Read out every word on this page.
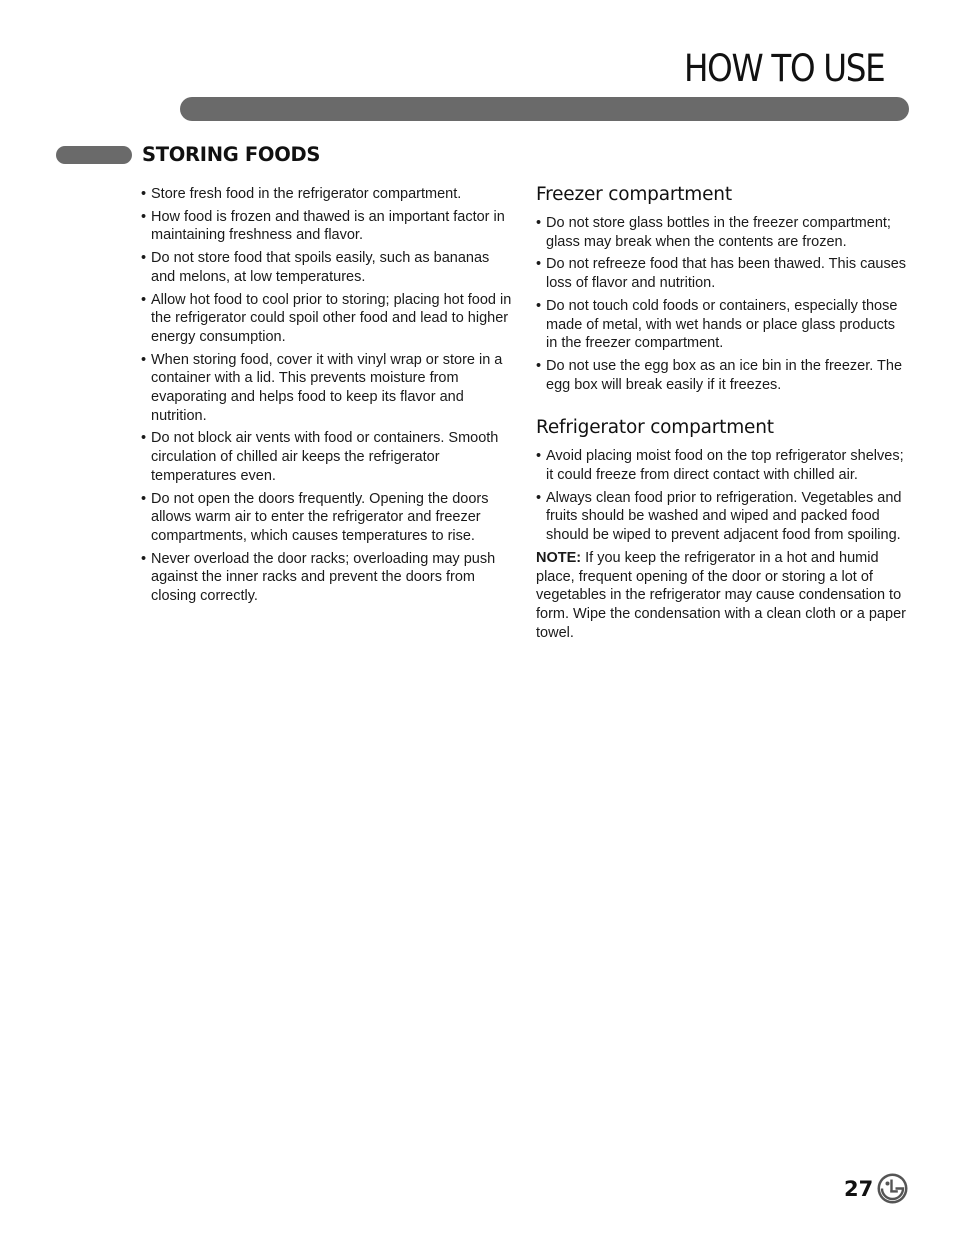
HOW TO USE
STORING FOODS
• Store fresh food in the refrigerator compartment.
• How food is frozen and thawed is an important factor in maintaining freshness and flavor.
• Do not store food that spoils easily, such as bananas and melons, at low temperatures.
• Allow hot food to cool prior to storing; placing hot food in the refrigerator could spoil other food and lead to higher energy consumption.
• When storing food, cover it with vinyl wrap or store in a container with a lid. This prevents moisture from evaporating and helps food to keep its flavor and nutrition.
• Do not block air vents with food or containers. Smooth circulation of chilled air keeps the refrigerator temperatures even.
• Do not open the doors frequently. Opening the doors allows warm air to enter the refrigerator and freezer compartments, which causes temperatures to rise.
• Never overload the door racks; overloading may push against the inner racks and prevent the doors from closing correctly.
Freezer compartment
• Do not store glass bottles in the freezer compartment; glass may break when the contents are frozen.
• Do not refreeze food that has been thawed. This causes loss of flavor and nutrition.
• Do not touch cold foods or containers, especially those made of metal, with wet hands or place glass products in the freezer compartment.
• Do not use the egg box as an ice bin in the freezer. The egg box will break easily if it freezes.
Refrigerator compartment
• Avoid placing moist food on the top refrigerator shelves; it could freeze from direct contact with chilled air.
• Always clean food prior to refrigeration. Vegetables and fruits should be washed and wiped and packed food should be wiped to prevent adjacent food from spoiling.
NOTE: If you keep the refrigerator in a hot and humid place, frequent opening of the door or storing a lot of vegetables in the refrigerator may cause condensation to form. Wipe the condensation with a clean cloth or a paper towel.
27
